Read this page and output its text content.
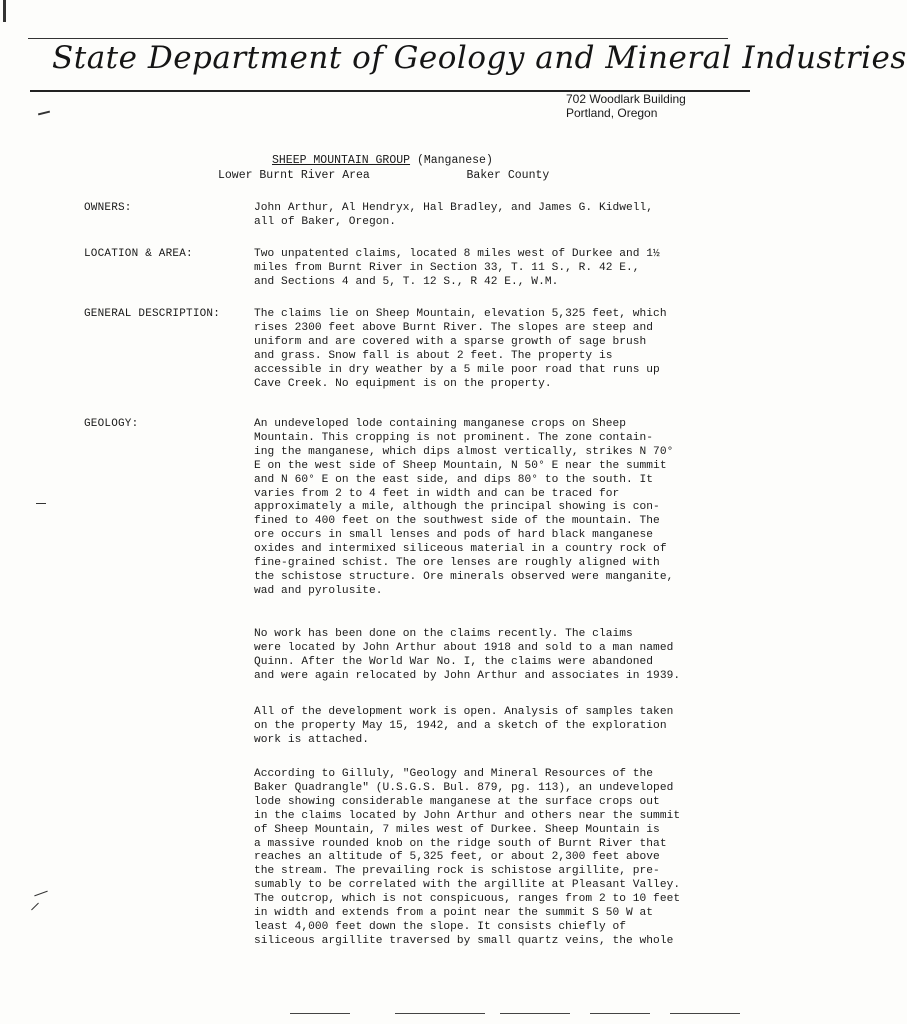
State Department of Geology and Mineral Industries
702 Woodlark Building
Portland, Oregon
SHEEP MOUNTAIN GROUP (Manganese)
Lower Burnt River Area	Baker County
OWNERS:
LOCATION & AREA:
GENERAL DESCRIPTION:
GEOLOGY:
John Arthur, Al Hendryx, Hal Bradley, and James G. Kidwell,
all of Baker, Oregon.
Two unpatented claims, located 8 miles west of Durkee and 1½
miles from Burnt River in Section 33, T. 11 S., R. 42 E.,
and Sections 4 and 5, T. 12 S., R 42 E., W.M.
The claims lie on Sheep Mountain, elevation 5,325 feet, which
rises 2300 feet above Burnt River. The slopes are steep and
uniform and are covered with a sparse growth of sage brush
and grass. Snow fall is about 2 feet. The property is
accessible in dry weather by a 5 mile poor road that runs up
Cave Creek. No equipment is on the property.
An undeveloped lode containing manganese crops on Sheep
Mountain. This cropping is not prominent. The zone contain-
ing the manganese, which dips almost vertically, strikes N 70°
E on the west side of Sheep Mountain, N 50° E near the summit
and N 60° E on the east side, and dips 80° to the south. It
varies from 2 to 4 feet in width and can be traced for
approximately a mile, although the principal showing is con-
fined to 400 feet on the southwest side of the mountain. The
ore occurs in small lenses and pods of hard black manganese
oxides and intermixed siliceous material in a country rock of
fine-grained schist. The ore lenses are roughly aligned with
the schistose structure. Ore minerals observed were manganite,
wad and pyrolusite.
No work has been done on the claims recently. The claims
were located by John Arthur about 1918 and sold to a man named
Quinn. After the World War No. I, the claims were abandoned
and were again relocated by John Arthur and associates in 1939.
All of the development work is open. Analysis of samples taken
on the property May 15, 1942, and a sketch of the exploration
work is attached.
According to Gilluly, "Geology and Mineral Resources of the
Baker Quadrangle" (U.S.G.S. Bul. 879, pg. 113), an undeveloped
lode showing considerable manganese at the surface crops out
in the claims located by John Arthur and others near the summit
of Sheep Mountain, 7 miles west of Durkee. Sheep Mountain is
a massive rounded knob on the ridge south of Burnt River that
reaches an altitude of 5,325 feet, or about 2,300 feet above
the stream. The prevailing rock is schistose argillite, pre-
sumably to be correlated with the argillite at Pleasant Valley.
The outcrop, which is not conspicuous, ranges from 2 to 10 feet
in width and extends from a point near the summit S 50 W at
least 4,000 feet down the slope. It consists chiefly of
siliceous argillite traversed by small quartz veins, the whole
